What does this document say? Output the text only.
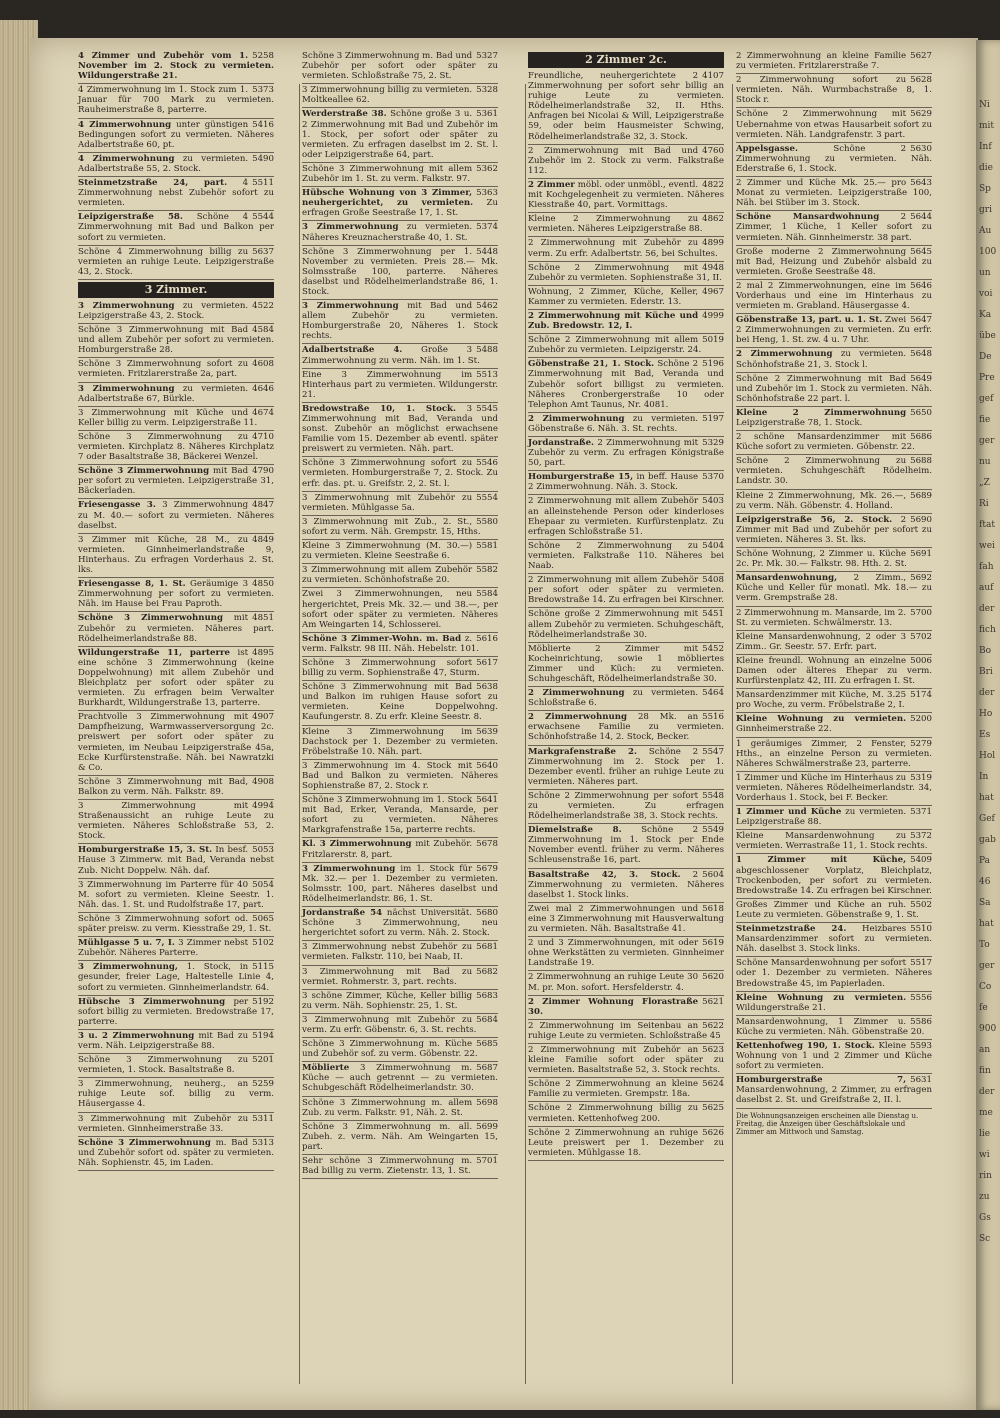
Ni
mit
Inf
die
Sp
gri
Au
100
un
voi
Ka
übe
De
Pre
gef
fie
ger
nu
„Z
Ri
ftat
wei
fah
auf
der
fich
Bo
Bri
der
Ho
Es
Hol
In
hat
Gef
gab
Pa
46
Sa
hat
To
ger
Co
fe
900
an
fin
der
me
lie
wi
rin
zu
Gs
Sc
5258
4 Zimmer und Zubehör vom 1. November im 2. Stock zu vermieten. Wildungerstraße 21.
5373
4 Zimmerwohnung im 1. Stock zum 1. Januar für 700 Mark zu vermieten. Rauheimerstraße 8, parterre.
5416
4 Zimmerwohnung unter günstigen Bedingungen sofort zu vermieten. Näheres Adalbertstraße 60, pt.
5490
4 Zimmerwohnung zu vermieten. Adalbertstraße 55, 2. Stock.
5511
Steinmetzstraße 24, part. 4 Zimmerwohnung nebst Zubehör sofort zu vermieten.
5544
Leipzigerstraße 58. Schöne 4 Zimmerwohnung mit Bad und Balkon per sofort zu vermieten.
5637
Schöne 4 Zimmerwohnung billig zu vermieten an ruhige Leute. Leipzigerstraße 43, 2. Stock.
3 Zimmer.
4522
3 Zimmerwohnung zu vermieten. Leipzigerstraße 43, 2. Stock.
4584
Schöne 3 Zimmerwohnung mit Bad und allem Zubehör per sofort zu vermieten. Homburgerstraße 28.
4608
Schöne 3 Zimmerwohnung sofort zu vermieten. Fritzlarerstraße 2a, part.
4646
3 Zimmerwohnung zu vermieten. Adalbertstraße 67, Bürkle.
4674
3 Zimmerwohnung mit Küche und Keller billig zu verm. Leipzigerstraße 11.
4710
Schöne 3 Zimmerwohnung zu vermieten. Kirchplatz 8. Näheres Kirchplatz 7 oder Basaltstraße 38, Bäckerei Wenzel.
4790
Schöne 3 Zimmerwohnung mit Bad per sofort zu vermieten. Leipzigerstraße 31, Bäckerladen.
4847
Friesengasse 3. 3 Zimmerwohnung zu M. 40.— sofort zu vermieten. Näheres daselbst.
4849
3 Zimmer mit Küche, 28 M., zu vermieten. Ginnheimerlandstraße 9, Hinterhaus. Zu erfragen Vorderhaus 2. St. lks.
4850
Friesengasse 8, 1. St. Geräumige 3 Zimmerwohnung per sofort zu vermieten. Näh. im Hause bei Frau Paproth.
4851
Schöne 3 Zimmerwohnung mit Zubehör zu vermieten. Näheres part. Rödelheimerlandstraße 88.
4895
Wildungerstraße 11, parterre ist eine schöne 3 Zimmerwohnung (keine Doppelwohnung) mit allem Zubehör und Bleichplatz per sofort oder später zu vermieten. Zu erfragen beim Verwalter Burkhardt, Wildungerstraße 13, parterre.
4907
Prachtvolle 3 Zimmerwohnung mit Dampfheizung, Warmwasserversorgung 2c. preiswert per sofort oder später zu vermieten, im Neubau Leipzigerstraße 45a, Ecke Kurfürstenstraße. Näh. bei Nawratzki & Co.
4908
Schöne 3 Zimmerwohnung mit Bad, Balkon zu verm. Näh. Falkstr. 89.
4994
3 Zimmerwohnung mit Straßenaussicht an ruhige Leute zu vermieten. Näheres Schloßstraße 53, 2. Stock.
5053
Homburgerstraße 15, 3. St. In besf. Hause 3 Zimmerw. mit Bad, Veranda nebst Zub. Nicht Doppelw. Näh. daf.
5054
3 Zimmerwohnung im Parterre für 40 M. sofort zu vermieten. Kleine Seestr. 1. Näh. das. 1. St. und Rudolfstraße 17, part.
5065
Schöne 3 Zimmerwohnung sofort od. später preisw. zu verm. Kiesstraße 29, 1. St.
5102
Mühlgasse 5 u. 7, I. 3 Zimmer nebst Zubehör. Näheres Parterre.
5115
3 Zimmerwohnung, 1. Stock, in gesunder, freier Lage, Haltestelle Linie 4, sofort zu vermieten. Ginnheimerlandstr. 64.
5192
Hübsche 3 Zimmerwohnung per sofort billig zu vermieten. Bredowstraße 17, parterre.
5194
3 u. 2 Zimmerwohnung mit Bad zu verm. Näh. Leipzigerstraße 88.
5201
Schöne 3 Zimmerwohnung zu vermieten, 1. Stock. Basaltstraße 8.
5259
3 Zimmerwohnung, neuherg., an ruhige Leute sof. billig zu verm. Häusergasse 4.
5311
3 Zimmerwohnung mit Zubehör zu vermieten. Ginnheimerstraße 33.
5313
Schöne 3 Zimmerwohnung m. Bad und Zubehör sofort od. später zu vermieten. Näh. Sophienstr. 45, im Laden.
5327
Schöne 3 Zimmerwohnung m. Bad und Zubehör per sofort oder später zu vermieten. Schloßstraße 75, 2. St.
5328
3 Zimmerwohnung billig zu vermieten. Moltkeallee 62.
5361
Werderstraße 38. Schöne große 3 u. 2 Zimmerwohnung mit Bad und Zubehör im 1. Stock, per sofort oder später zu vermieten. Zu erfragen daselbst im 2. St. l. oder Leipzigerstraße 64, part.
5362
Schöne 3 Zimmerwohnung mit allem Zubehör im 1. St. zu verm. Falkstr. 97.
5363
Hübsche Wohnung von 3 Zimmer, neuhergerichtet, zu vermieten. Zu erfragen Große Seestraße 17, 1. St.
5374
3 Zimmerwohnung zu vermieten. Näheres Kreuznacherstraße 40, 1. St.
5448
Schöne 3 Zimmerwohnung per 1. November zu vermieten. Preis 28.— Mk. Solmsstraße 100, parterre. Näheres daselbst und Rödelheimerlandstraße 86, 1. Stock.
5462
3 Zimmerwohnung mit Bad und allem Zubehör zu vermieten. Homburgerstraße 20, Näheres 1. Stock rechts.
5488
Adalbertstraße 4. Große 3 Zimmerwohnung zu verm. Näh. im 1. St.
5513
Eine 3 Zimmerwohnung im Hinterhaus part zu vermieten. Wildungerstr. 21.
5545
Bredowstraße 10, 1. Stock. 3 Zimmerwohnung mit Bad, Veranda und sonst. Zubehör an möglichst erwachsene Familie vom 15. Dezember ab eventl. später preiswert zu vermieten. Näh. part.
5546
Schöne 3 Zimmerwohnung sofort zu vermieten. Homburgerstraße 7, 2. Stock. Zu erfr. das. pt. u. Greifstr. 2, 2. St. l.
5554
3 Zimmerwohnung mit Zubehör zu vermieten. Mühlgasse 5a.
5580
3 Zimmerwohnung mit Zub., 2. St., sofort zu verm. Näh. Grempstr. 15, Hths.
5581
Kleine 3 Zimmerwohnung (M. 30.—) zu vermieten. Kleine Seestraße 6.
5582
3 Zimmerwohnung mit allem Zubehör zu vermieten. Schönhofstraße 20.
5584
Zwei 3 Zimmerwohnungen, neu hergerichtet, Preis Mk. 32.— und 38.—, per sofort oder später zu vermieten. Näheres Am Weingarten 14, Schlosserei.
5616
Schöne 3 Zimmer-Wohn. m. Bad z. verm. Falkstr. 98 III. Näh. Hebelstr. 101.
5617
Schöne 3 Zimmerwohnung sofort billig zu verm. Sophienstraße 47, Sturm.
5638
Schöne 3 Zimmerwohnung mit Bad und Balkon im ruhigen Hause sofort zu vermieten. Keine Doppelwohng. Kaufungerstr. 8. Zu erfr. Kleine Seestr. 8.
5639
Kleine 3 Zimmerwohnung im Dachstock per 1. Dezember zu vermieten. Fröbelstraße 10. Näh. part.
5640
3 Zimmerwohnung im 4. Stock mit Bad und Balkon zu vermieten. Näheres Sophienstraße 87, 2. Stock r.
5641
Schöne 3 Zimmerwohnung im 1. Stock mit Bad, Erker, Veranda, Mansarde, per sofort zu vermieten. Näheres Markgrafenstraße 15a, parterre rechts.
5678
Kl. 3 Zimmerwohnung mit Zubehör. Fritzlarerstr. 8, part.
5679
3 Zimmerwohnung im 1. Stock für Mk. 32.— per 1. Dezember zu vermieten. Solmsstr. 100, part. Näheres daselbst und Rödelheimerlandstr. 86, 1. St.
5680
Jordanstraße 54 nächst Universität. Schöne 3 Zimmerwohnung, neu hergerichtet sofort zu verm. Näh. 2. Stock.
5681
3 Zimmerwohnung nebst Zubehör zu vermieten. Falkstr. 110, bei Naab, II.
5682
3 Zimmerwohnung mit Bad zu vermiet. Rohmerstr. 3, part. rechts.
5683
3 schöne Zimmer, Küche, Keller billig zu verm. Näh. Sophienstr. 25, 1. St.
5684
3 Zimmerwohnung mit Zubehör zu verm. Zu erfr. Göbenstr. 6, 3. St. rechts.
5685
Schöne 3 Zimmerwohnung m. Küche und Zubehör sof. zu verm. Göbenstr. 22.
5687
Möblierte 3 Zimmerwohnung m. Küche — auch getrennt — zu vermieten. Schubgeschäft Rödelheimerlandstr. 30.
5698
Schöne 3 Zimmerwohnung m. allem Zub. zu verm. Falkstr. 91, Näh. 2. St.
5699
Schöne 3 Zimmerwohnung m. all. Zubeh. z. verm. Näh. Am Weingarten 15, part.
5701
Sehr schöne 3 Zimmerwohnung m. Bad billig zu verm. Zietenstr. 13, 1. St.
2 Zimmer 2c.
4107
Freundliche, neuhergerichtete 2 Zimmerwohnung per sofort sehr billig an ruhige Leute zu vermieten. Rödelheimerlandstraße 32, II. Hths. Anfragen bei Nicolai & Will, Leipzigerstraße 59, oder beim Hausmeister Schwing, Rödelheimerlandstraße 32, 3. Stock.
4760
2 Zimmerwohnung mit Bad und Zubehör im 2. Stock zu verm. Falkstraße 112.
4822
2 Zimmer möbl. oder unmöbl., eventl. mit Kochgelegenheit zu vermieten. Näheres Kiesstraße 40, part. Vormittags.
4862
Kleine 2 Zimmerwohnung zu vermieten. Näheres Leipzigerstraße 88.
4899
2 Zimmerwohnung mit Zubehör zu verm. Zu erfr. Adalbertstr. 56, bei Schultes.
4948
Schöne 2 Zimmerwohnung mit Zubehör zu vermieten. Sophienstraße 31, II.
4967
Wohnung, 2 Zimmer, Küche, Keller, Kammer zu vermieten. Ederstr. 13.
4999
2 Zimmerwohnung mit Küche und Zub. Bredowstr. 12, I.
5019
Schöne 2 Zimmerwohnung mit allem Zubehör zu vermieten. Leipzigerstr. 24.
5196
Göbenstraße 21, 1. Stock. Schöne 2 Zimmerwohnung mit Bad, Veranda und Zubehör sofort billigst zu vermieten. Näheres Cronbergerstraße 10 oder Telephon Amt Taunus, Nr. 4081.
5197
2 Zimmerwohnung zu vermieten. Göbenstraße 6. Näh. 3. St. rechts.
5329
Jordanstraße. 2 Zimmerwohnung mit Zubehör zu verm. Zu erfragen Königstraße 50, part.
5370
Homburgerstraße 15, in beff. Hause 2 Zimmerwohnung. Näh. 3. Stock.
5403
2 Zimmerwohnung mit allem Zubehör an alleinstehende Person oder kinderloses Ehepaar zu vermieten. Kurfürstenplatz. Zu erfragen Schloßstraße 51.
5404
Schöne 2 Zimmerwohnung zu vermieten. Falkstraße 110. Näheres bei Naab.
5408
2 Zimmerwohnung mit allem Zubehör per sofort oder später zu vermieten. Bredowstraße 14. Zu erfragen bei Kirschner.
5451
Schöne große 2 Zimmerwohnung mit allem Zubehör zu vermieten. Schuhgeschäft, Rödelheimerlandstraße 30.
5452
Möblierte 2 Zimmer mit Kocheinrichtung, sowie 1 möbliertes Zimmer und Küch: zu vermieten. Schuhgeschäft, Rödelheimerlandstraße 30.
5464
2 Zimmerwohnung zu vermieten. Schloßstraße 6.
5516
2 Zimmerwohnung 28 Mk. an erwachsene Familie zu vermieten. Schönhofstraße 14, 2. Stock, Becker.
5547
Markgrafenstraße 2. Schöne 2 Zimmerwohnung im 2. Stock per 1. Dezember eventl. früher an ruhige Leute zu vermieten. Näheres part.
5548
Schöne 2 Zimmerwohnung per sofort zu vermieten. Zu erfragen Rödelheimerlandstraße 38, 3. Stock rechts.
5549
Diemelstraße 8. Schöne 2 Zimmerwohnung im 1. Stock per Ende November eventl. früher zu verm. Näheres Schleusenstraße 16, part.
5604
Basaltstraße 42, 3. Stock. 2 Zimmerwohnung zu vermieten. Näheres daselbst 1. Stock links.
5618
Zwei mal 2 Zimmerwohnungen und eine 3 Zimmerwohnung mit Hausverwaltung zu vermieten. Näh. Basaltstraße 41.
5619
2 und 3 Zimmerwohnungen, mit oder ohne Werkstätten zu vermieten. Ginnheimer Landstraße 19.
5620
2 Zimmerwohnung an ruhige Leute 30 M. pr. Mon. sofort. Hersfelderstr. 4.
5621
2 Zimmer Wohnung Florastraße 30.
5622
2 Zimmerwohnung im Seitenbau an ruhige Leute zu vermieten. Schloßstraße 45
5623
2 Zimmerwohnung mit Zubehör an kleine Familie sofort oder später zu vermieten. Basaltstraße 52, 3. Stock rechts.
5624
Schöne 2 Zimmerwohnung an kleine Familie zu vermieten. Grempstr. 18a.
5625
Schöne 2 Zimmerwohnung billig zu vermieten. Kettenhofweg 200.
5626
Schöne 2 Zimmerwohnung an ruhige Leute preiswert per 1. Dezember zu vermieten. Mühlgasse 18.
5627
2 Zimmerwohnung an kleine Familie zu vermieten. Fritzlarerstraße 7.
5628
2 Zimmerwohnung sofort zu vermieten. Näh. Wurmbachstraße 8, 1. Stock r.
5629
Schöne 2 Zimmerwohnung mit Uebernahme von etwas Hausarbeit sofort zu vermieten. Näh. Landgrafenstr. 3 part.
5630
Appelsgasse.	Schöne 2 Zimmerwohnung zu vermieten. Näh. Ederstraße 6, 1. Stock.
5643
2 Zimmer und Küche Mk. 25.— pro Monat zu vermieten. Leipzigerstraße 100, Näh. bei Stüber im 3. Stock.
5644
Schöne Mansardwohnung 2 Zimmer, 1 Küche, 1 Keller sofort zu vermieten. Näh. Ginnheimerstr. 38 part.
5645
Große moderne 2 Zimmerwohnung mit Bad, Heizung und Zubehör alsbald zu vermieten. Große Seestraße 48.
5646
2 mal 2 Zimmerwohnungen, eine im Vorderhaus und eine im Hinterhaus zu vermieten m. Grabland. Häusergasse 4.
5647
Göbenstraße 13, part. u. 1. St. Zwei 2 Zimmerwohnungen zu vermieten. Zu erfr. bei Heng, 1. St. zw. 4 u. 7 Uhr.
5648
2 Zimmerwohnung zu vermieten. Schönhofstraße 21, 3. Stock l.
5649
Schöne 2 Zimmerwohnung mit Bad und Zubehör im 1. Stock zu vermieten. Näh. Schönhofstraße 22 part. l.
5650
Kleine 2 Zimmerwohnung Leipzigerstraße 78, 1. Stock.
5686
2 schöne Mansardenzimmer mit Küche sofort zu vermieten. Göbenstr. 22.
5688
Schöne 2 Zimmerwohnung zu vermieten. Schuhgeschäft Rödelheim. Landstr. 30.
5689
Kleine 2 Zimmerwohnung, Mk. 26.—, zu verm. Näh. Göbenstr. 4. Holland.
5690
Leipzigerstraße 56, 2. Stock. 2 Zimmer mit Bad und Zubehör per sofort zu vermieten. Näheres 3. St. lks.
5691
Schöne Wohnung, 2 Zimmer u. Küche 2c. Pr. Mk. 30.— Falkstr. 98. Hth. 2. St.
5692
Mansardenwohnung, 2 Zimm., Küche und Keller für monatl. Mk. 18.— zu verm. Grempstraße 28.
5700
2 Zimmerwohnung m. Mansarde, im 2. St. zu vermieten. Schwälmerstr. 13.
5702
Kleine Mansardenwohnung, 2 oder 3 Zimm.. Gr. Seestr. 57. Erfr. part.
5006
Kleine freundl. Wohnung an einzelne Damen oder älteres Ehepar zu verm. Kurfürstenplatz 42, III. Zu erfragen I. St.
5174
Mansardenzimmer mit Küche, M. 3.25 pro Woche, zu verm. Fröbelstraße 2, I.
5200
Kleine Wohnung zu vermieten. Ginnheimerstraße 22.
5279
1 geräumiges Zimmer, 2 Fenster, Hths., an einzelne Person zu vermieten. Näheres Schwälmerstraße 23, parterre.
5319
1 Zimmer und Küche im Hinterhaus zu vermieten. Näheres Rödelheimerlandstr. 34, Vorderhaus 1. Stock, bei F. Becker.
5371
1 Zimmer und Küche zu vermieten. Leipzigerstraße 88.
5372
Kleine Mansardenwohnung zu vermieten. Werrastraße 11, 1. Stock rechts.
5409
1 Zimmer mit Küche, abgeschlossener Vorplatz, Bleichplatz, Trockenboden, per sofort zu vermieten. Bredowstraße 14. Zu erfragen bei Kirschner.
5502
Großes Zimmer und Küche an ruh. Leute zu vermieten. Göbenstraße 9, 1. St.
5510
Steinmetzstraße 24. Heizbares Mansardenzimmer sofort zu vermieten. Näh. daselbst 3. Stock links.
5517
Schöne Mansardenwohnung per sofort oder 1. Dezember zu vermieten. Näheres Bredowstraße 45, im Papierladen.
5556
Kleine Wohnung zu vermieten. Wildungerstraße 21.
5586
Mansardenwohnung, 1 Zimmer u. Küche zu vermieten. Näh. Göbenstraße 20.
5593
Kettenhofweg 190, 1. Stock. Kleine Wohnung von 1 und 2 Zimmer und Küche sofort zu vermieten.
5631
Homburgerstraße 7, Mansardenwohnung, 2 Zimmer, zu erfragen daselbst 2. St. und Greifstraße 2, II. l.
Die Wohnungsanzeigen erscheinen alle Dienstag u. Freitag, die Anzeigen über Geschäftslokale und Zimmer am Mittwoch und Samstag.
